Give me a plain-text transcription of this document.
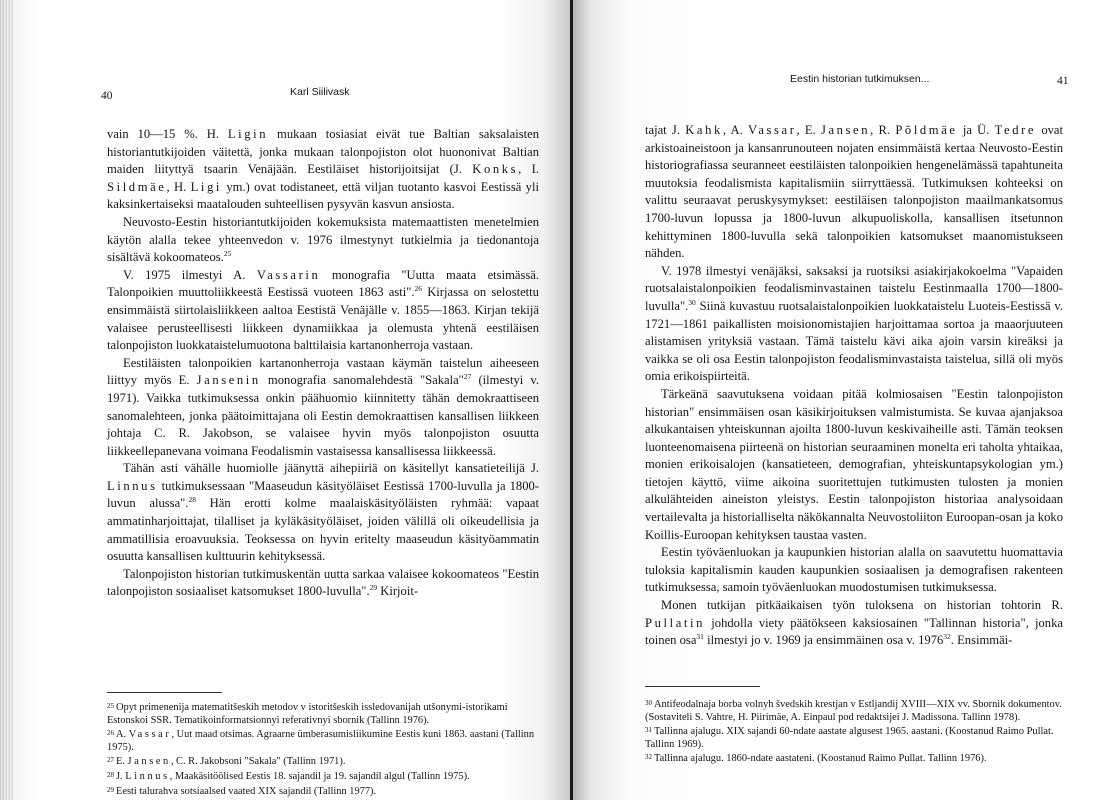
40	Karl Siilivask

vain 10—15 %. H. Ligin mukaan tosiasiat eivät tue Baltian saksalaisten historiantutkijoiden väitettä, jonka mukaan talonpojiston olot huononivat Baltian maiden liityttyä tsaarin Venäjään. Eestiläiset historijoitsijat (J. Konks, I. Sildmäe, H. Ligi ym.) ovat todistaneet, että viljan tuotanto kasvoi Eestissä yli kaksinkertaiseksi maatalouden suhteellisen pysyvän kasvun ansiosta.

Neuvosto-Eestin historiantutkijoiden kokemuksista matemaattisten menetelmien käytön alalla tekee yhteenvedon v. 1976 ilmestynyt tutkielmia ja tiedonantoja sisältävä kokoomateos.$^{25}$

V. 1975 ilmestyi A. Vassarin monografia "Uutta maata etsimässä. Talonpoikien muuttoliikkeestä Eestissä vuoteen 1863 asti".$^{26}$ Kirjassa on selostettu ensimmäistä siirtolaisliikkeen aaltoa Eestistä Venäjälle v. 1855—1863. Kirjan tekijä valaisee perusteellisesti liikkeen dynamiikkaa ja olemusta yhtenä eestiläisen talonpojiston luokkataistelumuotona balttilaisia kartanonherroja vastaan.

Eestiläisten talonpoikien kartanonherroja vastaan käymän taistelun aiheeseen liittyy myös E. Jansenin monografia sanomalehdestä "Sakala"$^{27}$ (ilmestyi v. 1971). Vaikka tutkimuksessa onkin päähuomio kiinnitetty tähän demokraattiseen sanomalehteen, jonka päätoimittajana oli Eestin demokraattisen kansallisen liikkeen johtaja C. R. Jakobson, se valaisee hyvin myös talonpojiston osuutta liikkeellepanevana voimana Feodalismin vastaisessa kansallisessa liikkeessä.

Tähän asti vähälle huomiolle jäänyttä aihepiiriä on käsitellyt kansatieteilijä J. Linnus tutkimuksessaan "Maaseudun käsityöläiset Eestissä 1700-luvulla ja 1800-luvun alussa".$^{28}$ Hän erotti kolme maalaiskäsityöläisten ryhmää: vapaat ammatinharjoittajat, tilalliset ja kyläkäsityöläiset, joiden välillä oli oikeudellisia ja ammatillisia eroavuuksia. Teoksessa on hyvin eritelty maaseudun käsityöammatin osuutta kansallisen kulttuurin kehityksessä.

Talonpojiston historian tutkimuskentän uutta sarkaa valaisee kokoomateos "Eestin talonpojiston sosiaaliset katsomukset 1800-luvulla".$^{29}$ Kirjoit-

25 Opyt primenenija matematitšeskih metodov v istoritšeskih issledovanijah utšonymi-istorikami Estonskoi SSR. Tematikoinformatsionnyi referativnyi sbornik (Tallinn 1976).
26 A. Vassar, Uut maad otsimas. Agraarne ümberasumisliikumine Eestis kuni 1863. aastani (Tallinn 1975).
27 E. Jansen, C. R. Jakobsoni "Sakala" (Tallinn 1971).
28 J. Linnus, Maakäsitöölised Eestis 18. sajandil ja 19. sajandil algul (Tallinn 1975).
29 Eesti talurahva sotsiaalsed vaated XIX sajandil (Tallinn 1977).
Eestin historian tutkimuksen...	41

tajat J. Kahk, A. Vassar, E. Jansen, R. Põldmäe ja Ü. Tedre ovat arkistoaineistoon ja kansanrunouteen nojaten ensimmäistä kertaa Neuvosto-Eestin historiografiassa seuranneet eestiläisten talonpoikien hengenelämässä tapahtuneita muutoksia feodalismista kapitalismiin siirryttäessä. Tutkimuksen kohteeksi on valittu seuraavat peruskysymykset: eestiläisen talonpojiston maailmankatsomus 1700-luvun lopussa ja 1800-luvun alkupuoliskolla, kansallisen itsetunnon kehittyminen 1800-luvulla sekä talonpoikien katsomukset maanomistukseen nähden.

V. 1978 ilmestyi venäjäksi, saksaksi ja ruotsiksi asiakirjakokoelma "Vapaiden ruotsalaistalonpoikien feodalisminvastainen taistelu Eestinmaalla 1700—1800-luvulla".$^{30}$ Siinä kuvastuu ruotsalaistalonpoikien luokkataistelu Luoteis-Eestissä v. 1721—1861 paikallisten moisionomistajien harjoittamaa sortoa ja maaorjuuteen alistamisen yrityksiä vastaan. Tämä taistelu kävi aika ajoin varsin kireäksi ja vaikka se oli osa Eestin talonpojiston feodalisminvastaista taistelua, sillä oli myös omia erikoispiirteitä.

Tärkeänä saavutuksena voidaan pitää kolmiosaisen "Eestin talonpojiston historian" ensimmäisen osan käsikirjoituksen valmistumista. Se kuvaa ajanjaksoa alkukantaisen yhteiskunnan ajoilta 1800-luvun keskivaiheille asti. Tämän teoksen luonteenomaisena piirteenä on historian seuraaminen monelta eri taholta yhtaikaa, monien erikoisalojen (kansatieteen, demografian, yhteiskuntapsykologian ym.) tietojen käyttö, viime aikoina suoritettujen tutkimusten tulosten ja monien alkulähteiden aineiston yleistys. Eestin talonpojiston historiaa analysoidaan vertailevalta ja historialliselta näkökannalta Neuvostoliiton Euroopan-osan ja koko Koillis-Euroopan kehityksen taustaa vasten.

Eestin työväenluokan ja kaupunkien historian alalla on saavutettu huomattavia tuloksia kapitalismin kauden kaupunkien sosiaalisen ja demografisen rakenteen tutkimuksessa, samoin työväenluokan muodostumisen tutkimuksessa.

Monen tutkijan pitkäaikaisen työn tuloksena on historian tohtorin R. Pullatin johdolla viety päätökseen kaksiosainen "Tallinnan historia", jonka toinen osa$^{31}$ ilmestyi jo v. 1969 ja ensimmäinen osa v. 1976$^{32}$. Ensimmäi-

30 Antifeodalnaja borba volnyh švedskih krestjan v Estljandij XVIII—XIX vv. Sbornik dokumentov. (Sostaviteli S. Vahtre, H. Piirimäe, A. Einpaul pod redaktsijei J. Madissona. Tallinn 1978).
31 Tallinna ajalugu. XIX sajandi 60-ndate aastate algusest 1965. aastani. (Koostanud Raimo Pullat. Tallinn 1969).
32 Tallinna ajalugu. 1860-ndate aastateni. (Koostanud Raimo Pullat. Tallinn 1976).
